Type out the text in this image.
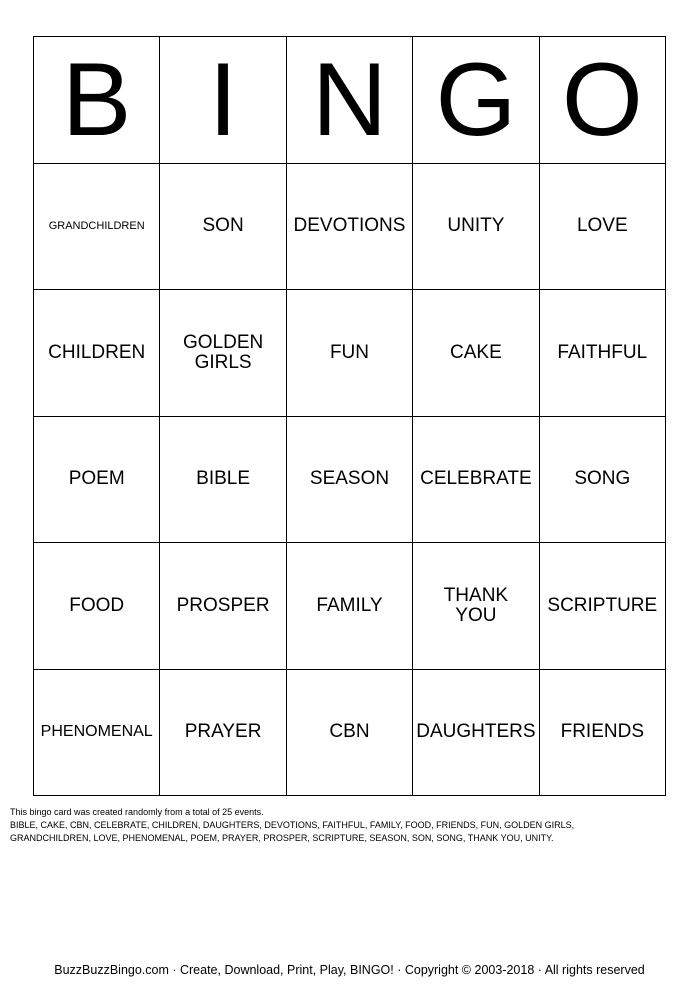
B I N G O
GRANDCHILDREN	SON	DEVOTIONS	UNITY	LOVE
CHILDREN	GOLDEN GIRLS	FUN	CAKE	FAITHFUL
POEM	BIBLE	SEASON	CELEBRATE	SONG
FOOD	PROSPER	FAMILY	THANK YOU	SCRIPTURE
PHENOMENAL	PRAYER	CBN	DAUGHTERS	FRIENDS
This bingo card was created randomly from a total of 25 events.
BIBLE, CAKE, CBN, CELEBRATE, CHILDREN, DAUGHTERS, DEVOTIONS, FAITHFUL, FAMILY, FOOD, FRIENDS, FUN, GOLDEN GIRLS,
GRANDCHILDREN, LOVE, PHENOMENAL, POEM, PRAYER, PROSPER, SCRIPTURE, SEASON, SON, SONG, THANK YOU, UNITY.
BuzzBuzzBingo.com · Create, Download, Print, Play, BINGO! · Copyright © 2003-2018 · All rights reserved
